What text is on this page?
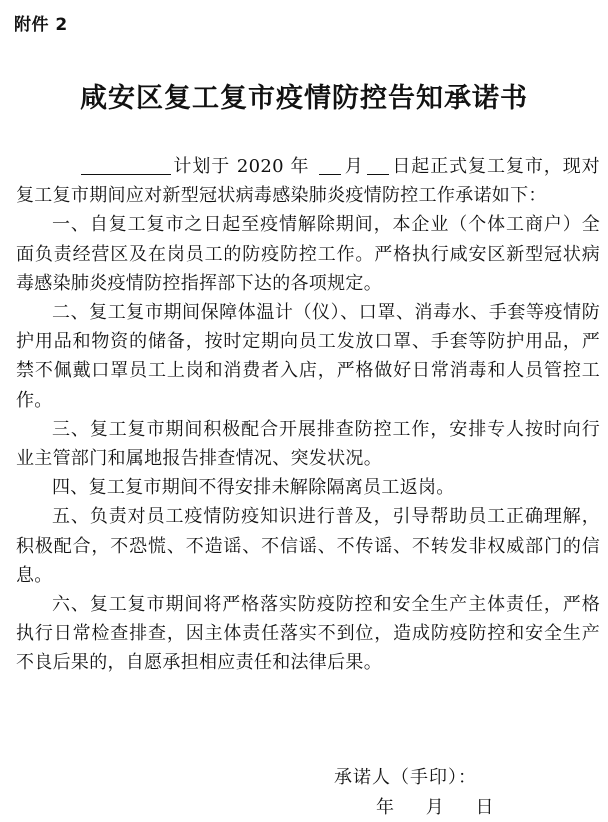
附件 2
咸安区复工复市疫情防控告知承诺书

计划于 2020 年 月 日起正式复工复市，现对复工复市期间应对新型冠状病毒感染肺炎疫情防控工作承诺如下：

一、自复工复市之日起至疫情解除期间，本企业（个体工商户）全面负责经营区及在岗员工的防疫防控工作。严格执行咸安区新型冠状病毒感染肺炎疫情防控指挥部下达的各项规定。

二、复工复市期间保障体温计（仪）、口罩、消毒水、手套等疫情防护用品和物资的储备，按时定期向员工发放口罩、手套等防护用品，严禁不佩戴口罩员工上岗和消费者入店，严格做好日常消毒和人员管控工作。

三、复工复市期间积极配合开展排查防控工作，安排专人按时向行业主管部门和属地报告排查情况、突发状况。

四、复工复市期间不得安排未解除隔离员工返岗。

五、负责对员工疫情防疫知识进行普及，引导帮助员工正确理解，积极配合，不恐慌、不造谣、不信谣、不传谣、不转发非权威部门的信息。

六、复工复市期间将严格落实防疫防控和安全生产主体责任，严格执行日常检查排查，因主体责任落实不到位，造成防疫防控和安全生产不良后果的，自愿承担相应责任和法律后果。

承诺人（手印）：
年 月 日
